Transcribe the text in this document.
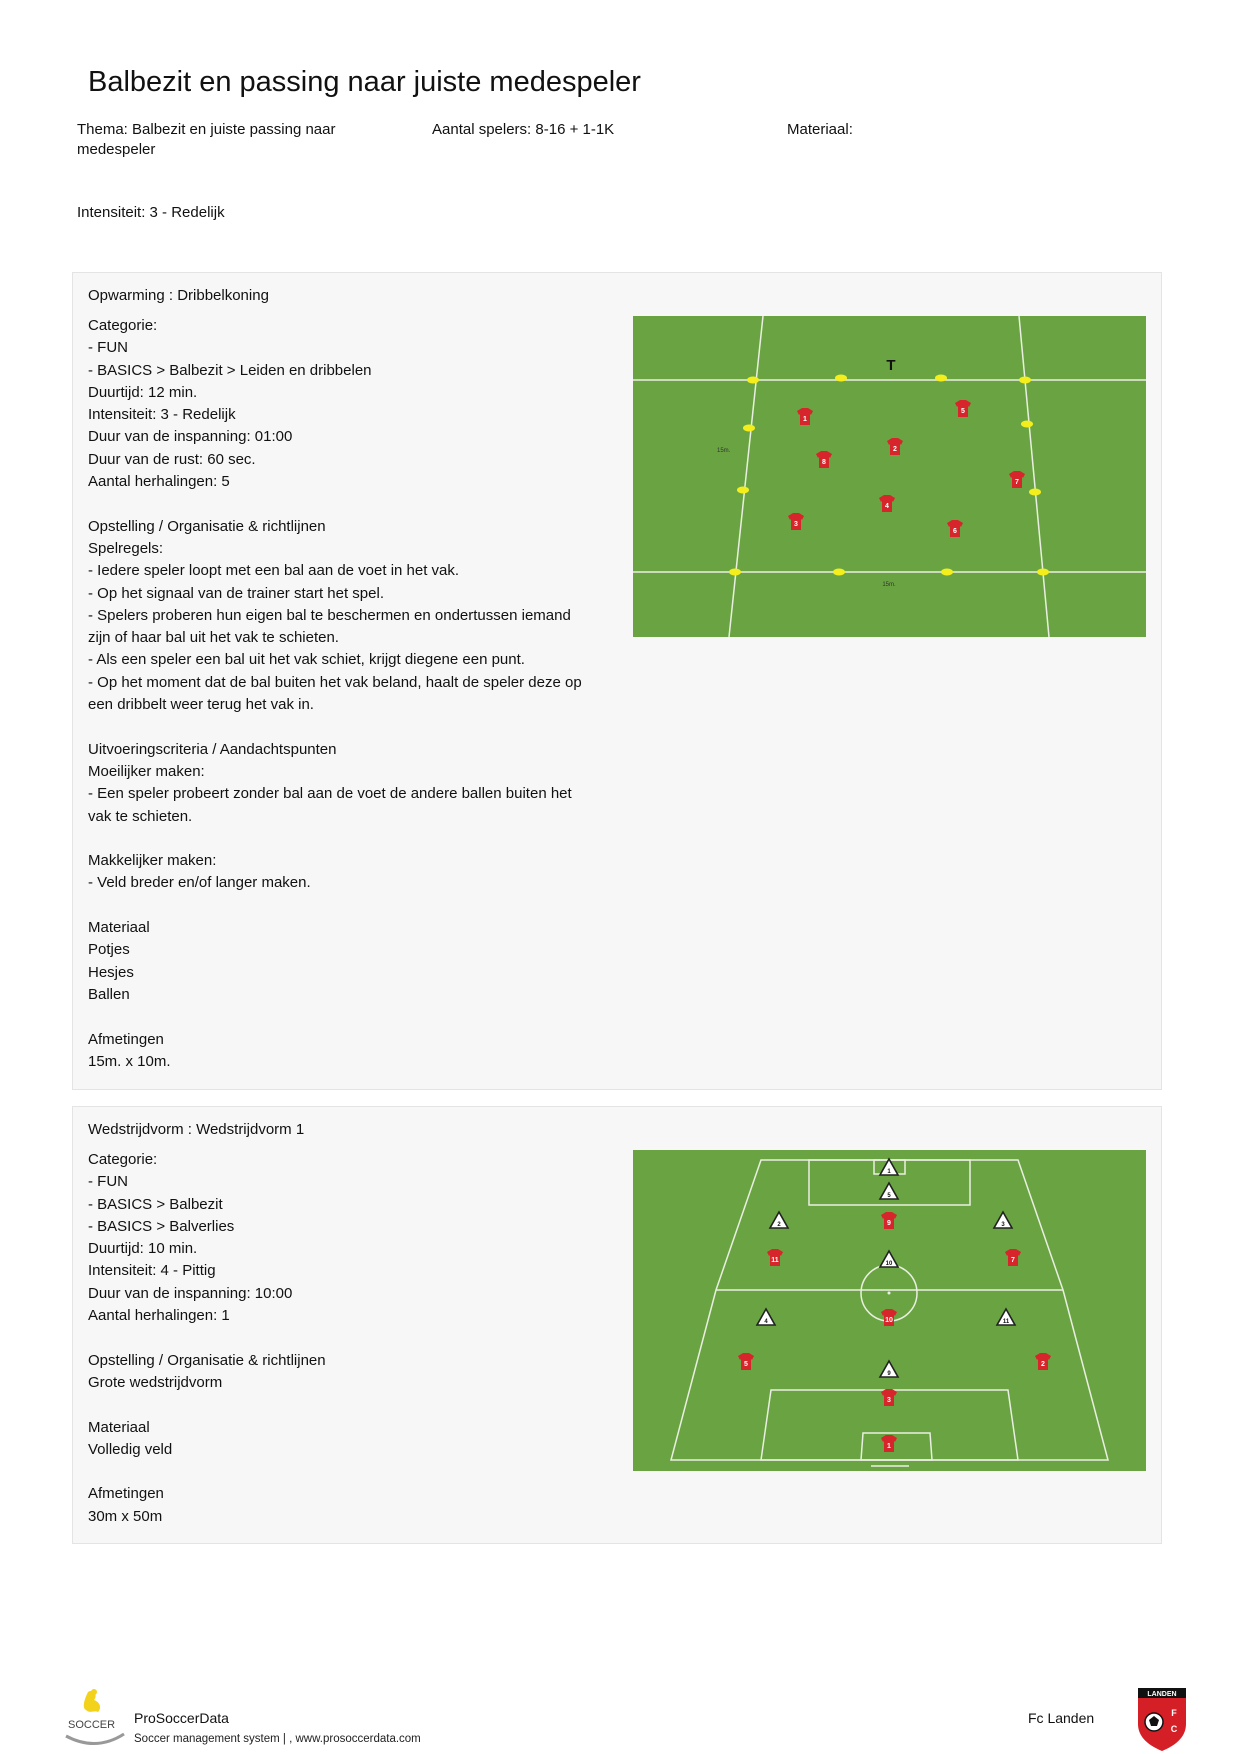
Balbezit en passing naar juiste medespeler
Thema: Balbezit en juiste passing naar
medespeler
Aantal spelers: 8-16 + 1-1K	Materiaal:
Intensiteit: 3 - Redelijk
Opwarming : Dribbelkoning
Categorie:
- FUN
- BASICS > Balbezit > Leiden en dribbelen
Duurtijd: 12 min.
Intensiteit: 3 - Redelijk
Duur van de inspanning: 01:00
Duur van de rust: 60 sec.
Aantal herhalingen: 5
Opstelling / Organisatie & richtlijnen
Spelregels:
- Iedere speler loopt met een bal aan de voet in het vak.
- Op het signaal van de trainer start het spel.
- Spelers proberen hun eigen bal te beschermen en ondertussen iemand
zijn of haar bal uit het vak te schieten.
- Als een speler een bal uit het vak schiet, krijgt diegene een punt.
- Op het moment dat de bal buiten het vak beland, haalt de speler deze op
een dribbelt weer terug het vak in.
Uitvoeringscriteria / Aandachtspunten
Moeilijker maken:
- Een speler probeert zonder bal aan de voet de andere ballen buiten het
vak te schieten.
Makkelijker maken:
- Veld breder en/of langer maken.
Materiaal
Potjes
Hesjes
Ballen
Afmetingen
15m. x 10m.
T
15m.
15m.
1
2
3
4
5
6
7
8
Wedstrijdvorm : Wedstrijdvorm 1
Categorie:
- FUN
- BASICS > Balbezit
- BASICS > Balverlies
Duurtijd: 10 min.
Intensiteit: 4 - Pittig
Duur van de inspanning: 10:00
Aantal herhalingen: 1
Opstelling / Organisatie & richtlijnen
Grote wedstrijdvorm
Materiaal
Volledig veld
Afmetingen
30m x 50m
1
5
2	3
10
4	11
9
9
11	7
10
5	2
3
1
SOCCER ProSoccerData
Soccer management system | , www.prosoccerdata.com
Fc Landen
LANDEN
F
C
